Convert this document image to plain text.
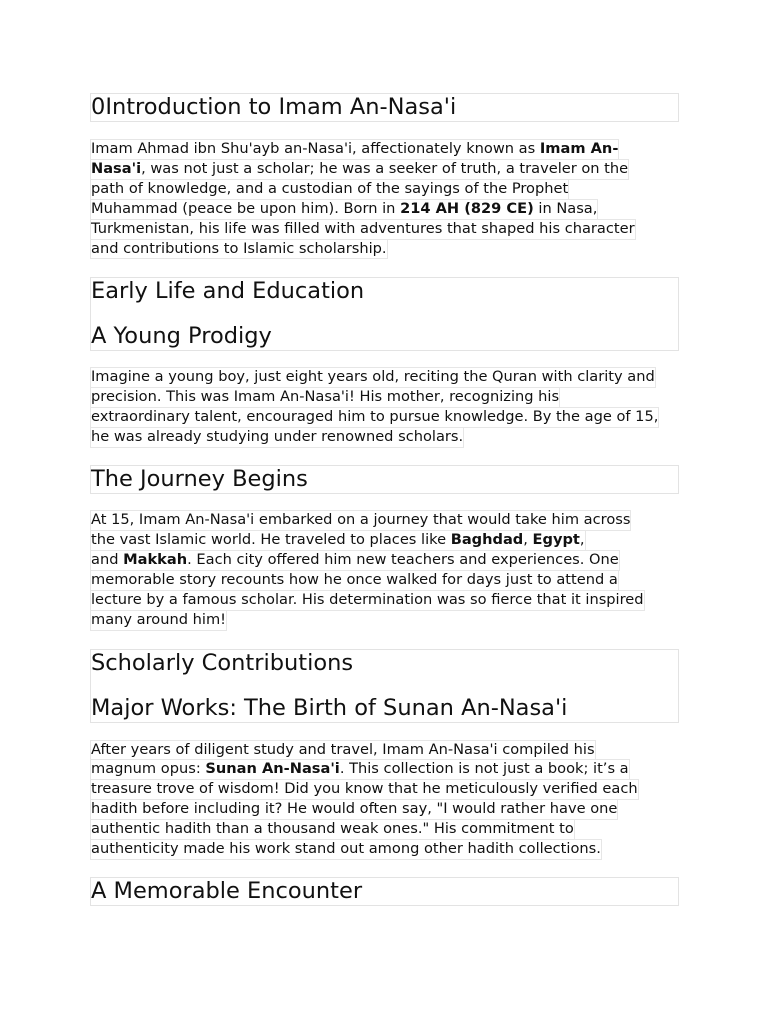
0Introduction to Imam An-Nasa'i
Imam Ahmad ibn Shu'ayb an-Nasa'i, affectionately known as Imam An-
Nasa'i, was not just a scholar; he was a seeker of truth, a traveler on the
path of knowledge, and a custodian of the sayings of the Prophet
Muhammad (peace be upon him). Born in 214 AH (829 CE) in Nasa,
Turkmenistan, his life was filled with adventures that shaped his character
and contributions to Islamic scholarship.
Early Life and Education
A Young Prodigy
Imagine a young boy, just eight years old, reciting the Quran with clarity and
precision. This was Imam An-Nasa'i! His mother, recognizing his
extraordinary talent, encouraged him to pursue knowledge. By the age of 15,
he was already studying under renowned scholars.
The Journey Begins
At 15, Imam An-Nasa'i embarked on a journey that would take him across
the vast Islamic world. He traveled to places like Baghdad, Egypt,
and Makkah. Each city offered him new teachers and experiences. One
memorable story recounts how he once walked for days just to attend a
lecture by a famous scholar. His determination was so fierce that it inspired
many around him!
Scholarly Contributions
Major Works: The Birth of Sunan An-Nasa'i
After years of diligent study and travel, Imam An-Nasa'i compiled his
magnum opus: Sunan An-Nasa'i. This collection is not just a book; it’s a
treasure trove of wisdom! Did you know that he meticulously verified each
hadith before including it? He would often say, "I would rather have one
authentic hadith than a thousand weak ones." His commitment to
authenticity made his work stand out among other hadith collections.
A Memorable Encounter
